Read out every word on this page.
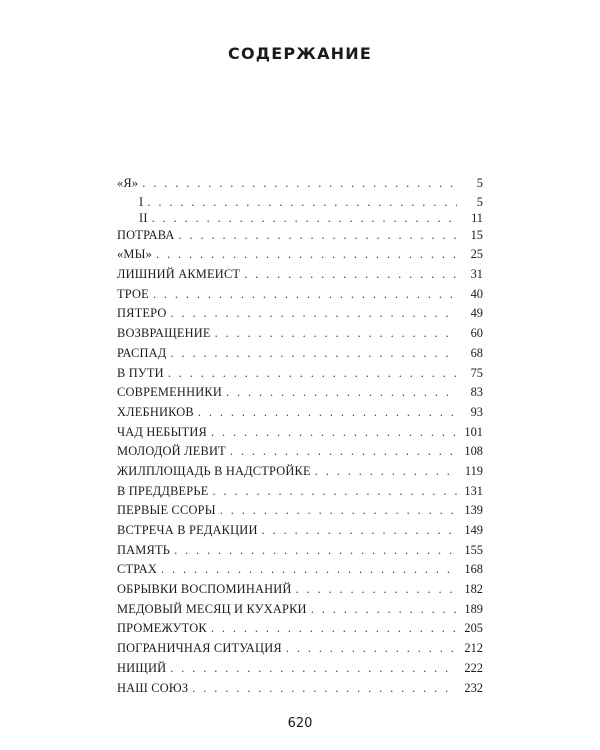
СОДЕРЖАНИЕ
«Я» . . .	5
I . . .	5
II . . .	11
ПОТРАВА . . .	15
«МЫ» . . .	25
ЛИШНИЙ АКМЕИСТ . . .	31
ТРОЕ . . .	40
ПЯТЕРО . . .	49
ВОЗВРАЩЕНИЕ . . .	60
РАСПАД . . .	68
В ПУТИ . . .	75
СОВРЕМЕННИКИ . . .	83
ХЛЕБНИКОВ . . .	93
ЧАД НЕБЫТИЯ . . .	101
МОЛОДОЙ ЛЕВИТ . . .	108
ЖИЛПЛОЩАДЬ В НАДСТРОЙКЕ . . .	119
В ПРЕДДВЕРЬЕ . . .	131
ПЕРВЫЕ ССОРЫ . . .	139
ВСТРЕЧА В РЕДАКЦИИ . . .	149
ПАМЯТЬ . . .	155
СТРАХ . . .	168
ОБРЫВКИ ВОСПОМИНАНИЙ . . .	182
МЕДОВЫЙ МЕСЯЦ И КУХАРКИ . . .	189
ПРОМЕЖУТОК . . .	205
ПОГРАНИЧНАЯ СИТУАЦИЯ . . .	212
НИЩИЙ . . .	222
НАШ СОЮЗ . . .	232
620
